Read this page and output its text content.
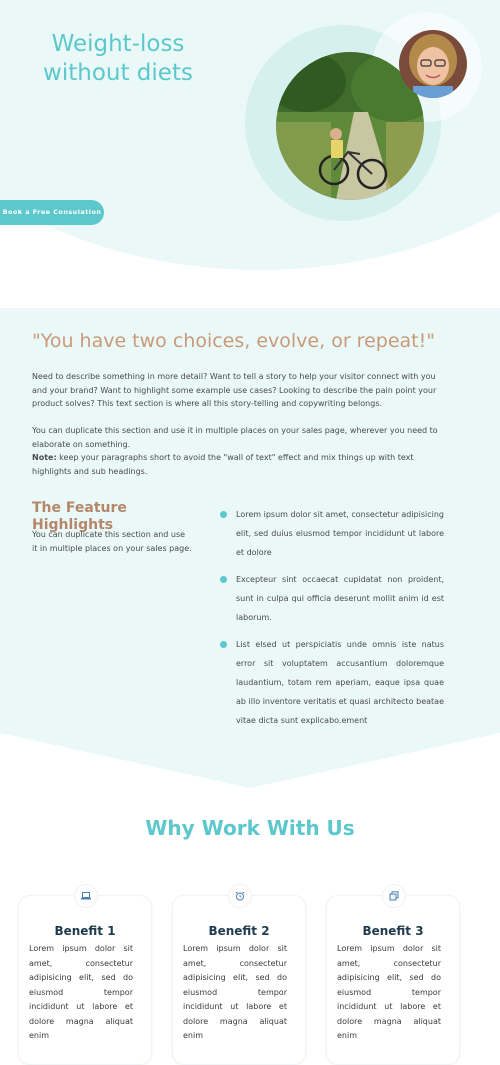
Weight-loss without diets
Book a Free Consulation
"You have two choices, evolve, or repeat!"
Need to describe something in more detail? Want to tell a story to help your visitor connect with you and your brand? Want to highlight some example use cases? Looking to describe the pain point your product solves? This text section is where all this story-telling and copywriting belongs.
You can duplicate this section and use it in multiple places on your sales page, wherever you need to elaborate on something.
Note: keep your paragraphs short to avoid the "wall of text" effect and mix things up with text highlights and sub headings.
The Feature Highlights
You can duplicate this section and use it in multiple places on your sales page.
Lorem ipsum dolor sit amet, consectetur adipisicing elit, sed duius eiusmod tempor incididunt ut labore et dolore
Excepteur sint occaecat cupidatat non proident, sunt in culpa qui officia deserunt mollit anim id est laborum.
List elsed ut perspiciatis unde omnis iste natus error sit voluptatem accusantium doloremque laudantium, totam rem aperiam, eaque ipsa quae ab illo inventore veritatis et quasi architecto beatae vitae dicta sunt explicabo.ement
Why Work With Us
Benefit 1
Lorem ipsum dolor sit amet, consectetur adipisicing elit, sed do eiusmod tempor incididunt ut labore et dolore magna aliquat enim
Benefit 2
Lorem ipsum dolor sit amet, consectetur adipisicing elit, sed do eiusmod tempor incididunt ut labore et dolore magna aliquat enim
Benefit 3
Lorem ipsum dolor sit amet, consectetur adipisicing elit, sed do eiusmod tempor incididunt ut labore et dolore magna aliquat enim
